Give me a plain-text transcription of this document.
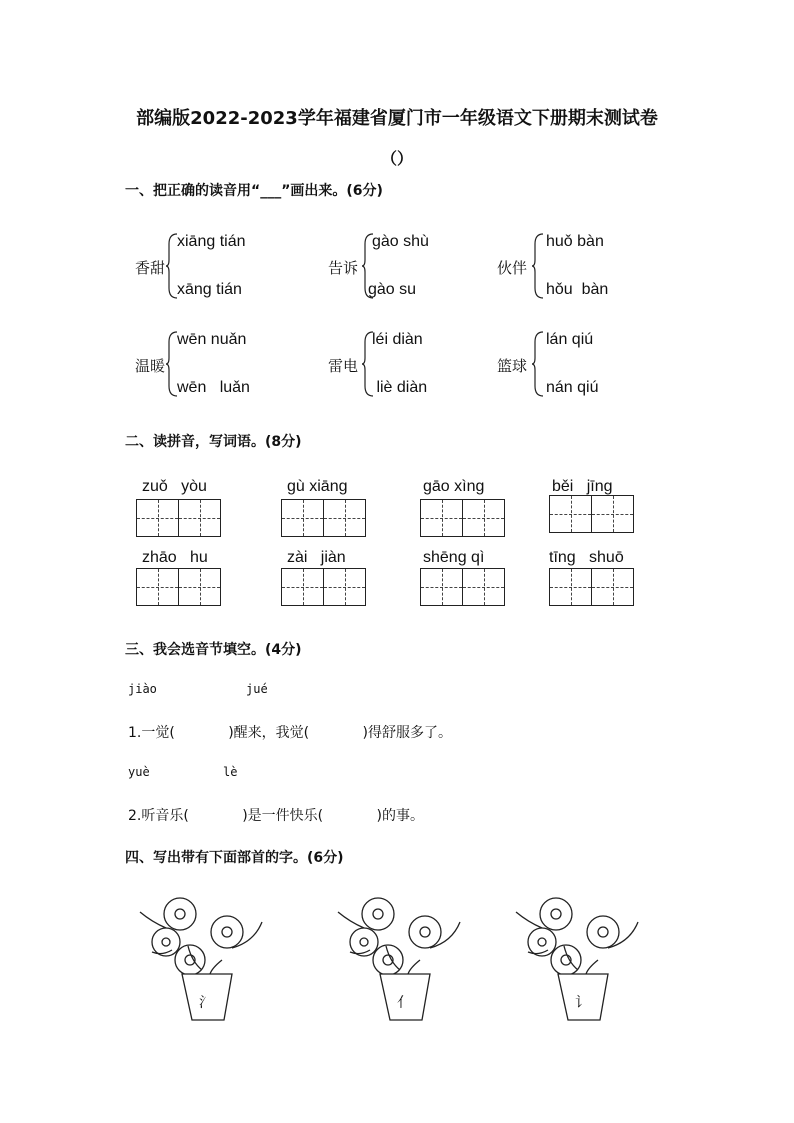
部编版2022-2023学年福建省厦门市一年级语文下册期末测试卷
（）
一、把正确的读音用“___”画出来。(6分)
香甜
xiāng tián
xāng tián
告诉
gào shù
gào su
伙伴
huǒ bàn
hǒu  bàn
温暖
wēn nuǎn
wēn   luǎn
雷电
léi diàn
liè diàn
篮球
lán qiú
nán qiú
二、读拼音，写词语。(8分)
zuǒ   yòu	gù xiāng	gāo xìng	běi   jīng
zhāo   hu	zài   jiàn	shēng qì	tīng   shuō
三、我会选音节填空。(4分)
jiào	jué
1.一觉(            )醒来，我觉(            )得舒服多了。
yuè	lè
2.听音乐(            )是一件快乐(            )的事。
四、写出带有下面部首的字。(6分)
氵	亻	讠
